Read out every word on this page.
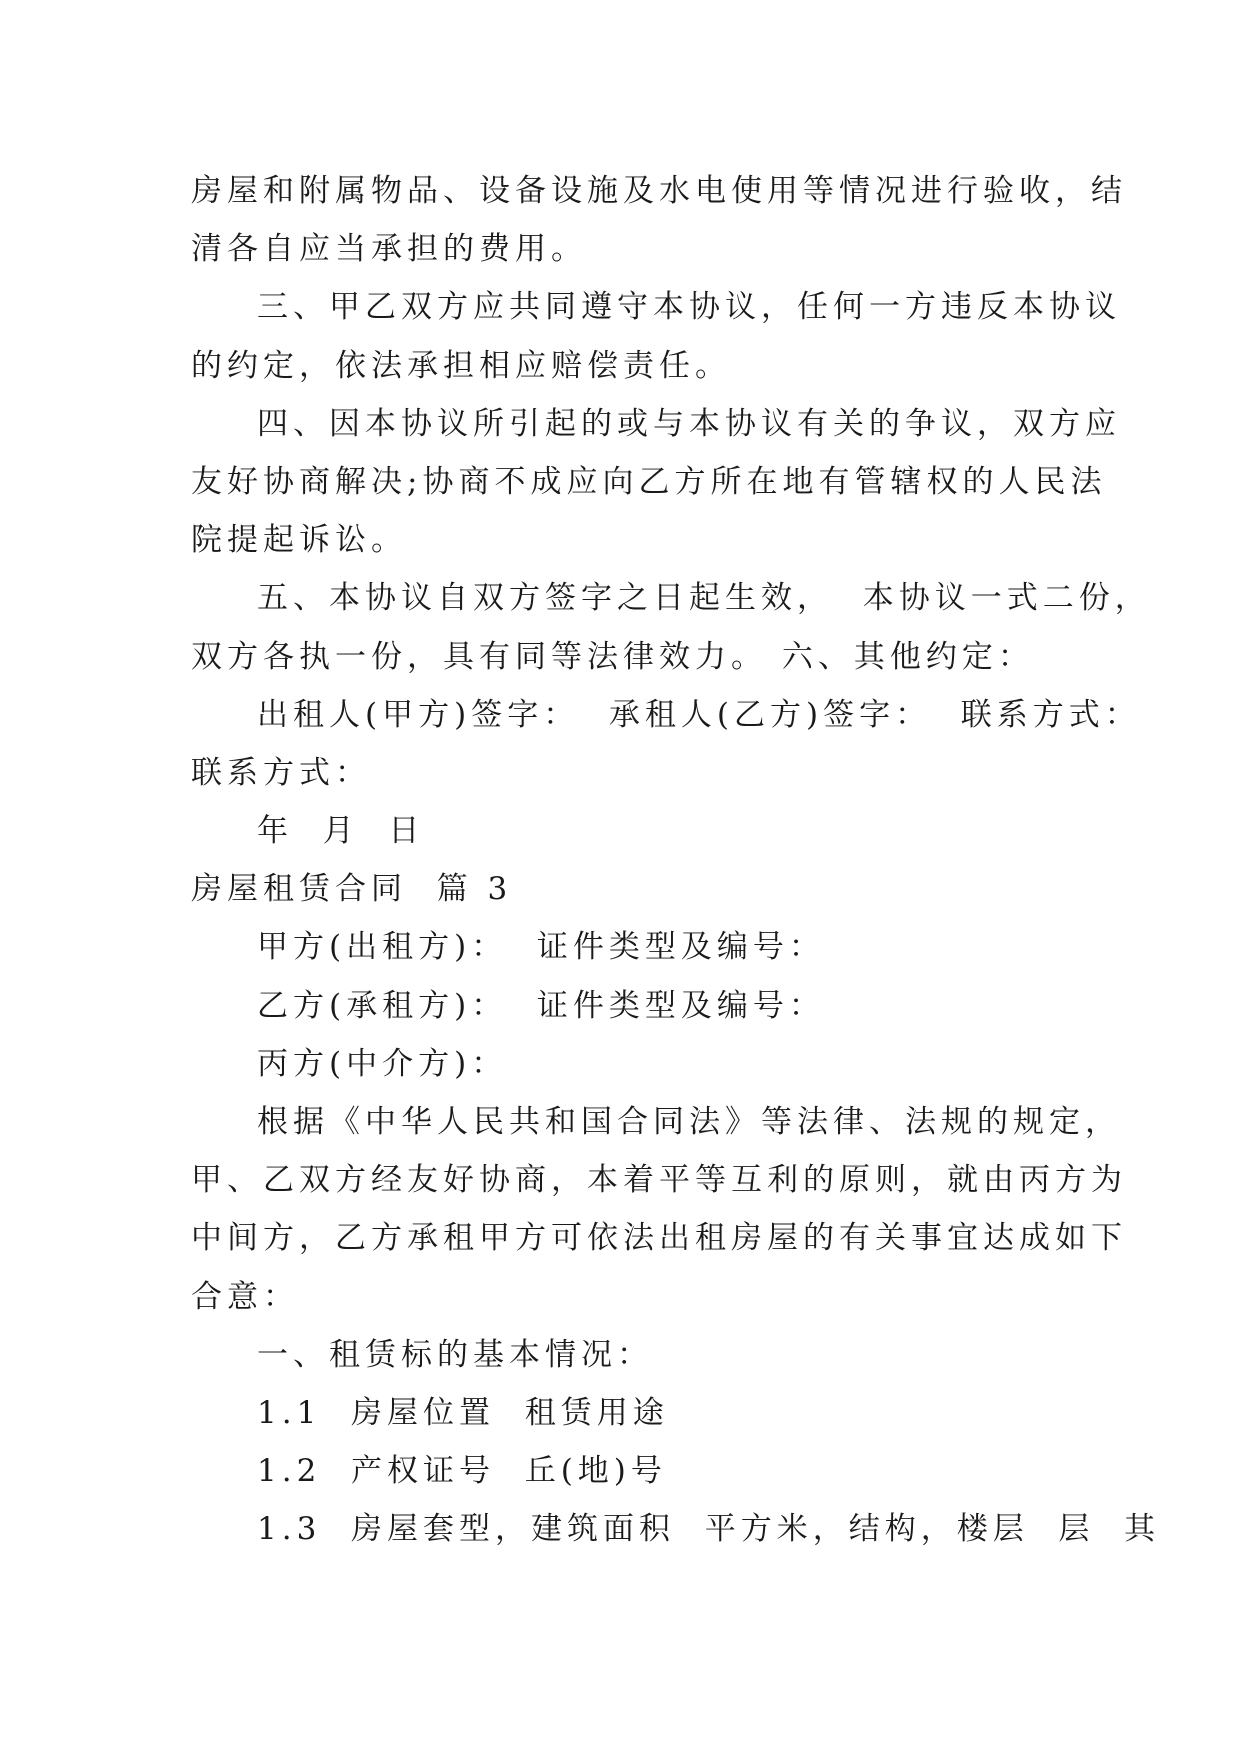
房屋和附属物品、设备设施及水电使用等情况进行验收，结
清各自应当承担的费用。
三、甲乙双方应共同遵守本协议，任何一方违反本协议
的约定，依法承担相应赔偿责任。
四、因本协议所引起的或与本协议有关的争议，双方应
友好协商解决;协商不成应向乙方所在地有管辖权的人民法
院提起诉讼。
五、本协议自双方签字之日起生效，  本协议一式二份，
双方各执一份，具有同等法律效力。 六、其他约定：
出租人(甲方)签字：  承租人(乙方)签字：  联系方式：
联系方式：
年  月  日
房屋租赁合同  篇 3
甲方(出租方)：  证件类型及编号：
乙方(承租方)：  证件类型及编号：
丙方(中介方)：
根据《中华人民共和国合同法》等法律、法规的规定，
甲、乙双方经友好协商，本着平等互利的原则，就由丙方为
中间方，乙方承租甲方可依法出租房屋的有关事宜达成如下
合意：
一、租赁标的基本情况：
1.1  房屋位置  租赁用途
1.2  产权证号  丘(地)号
1.3  房屋套型，建筑面积  平方米，结构，楼层  层  其
